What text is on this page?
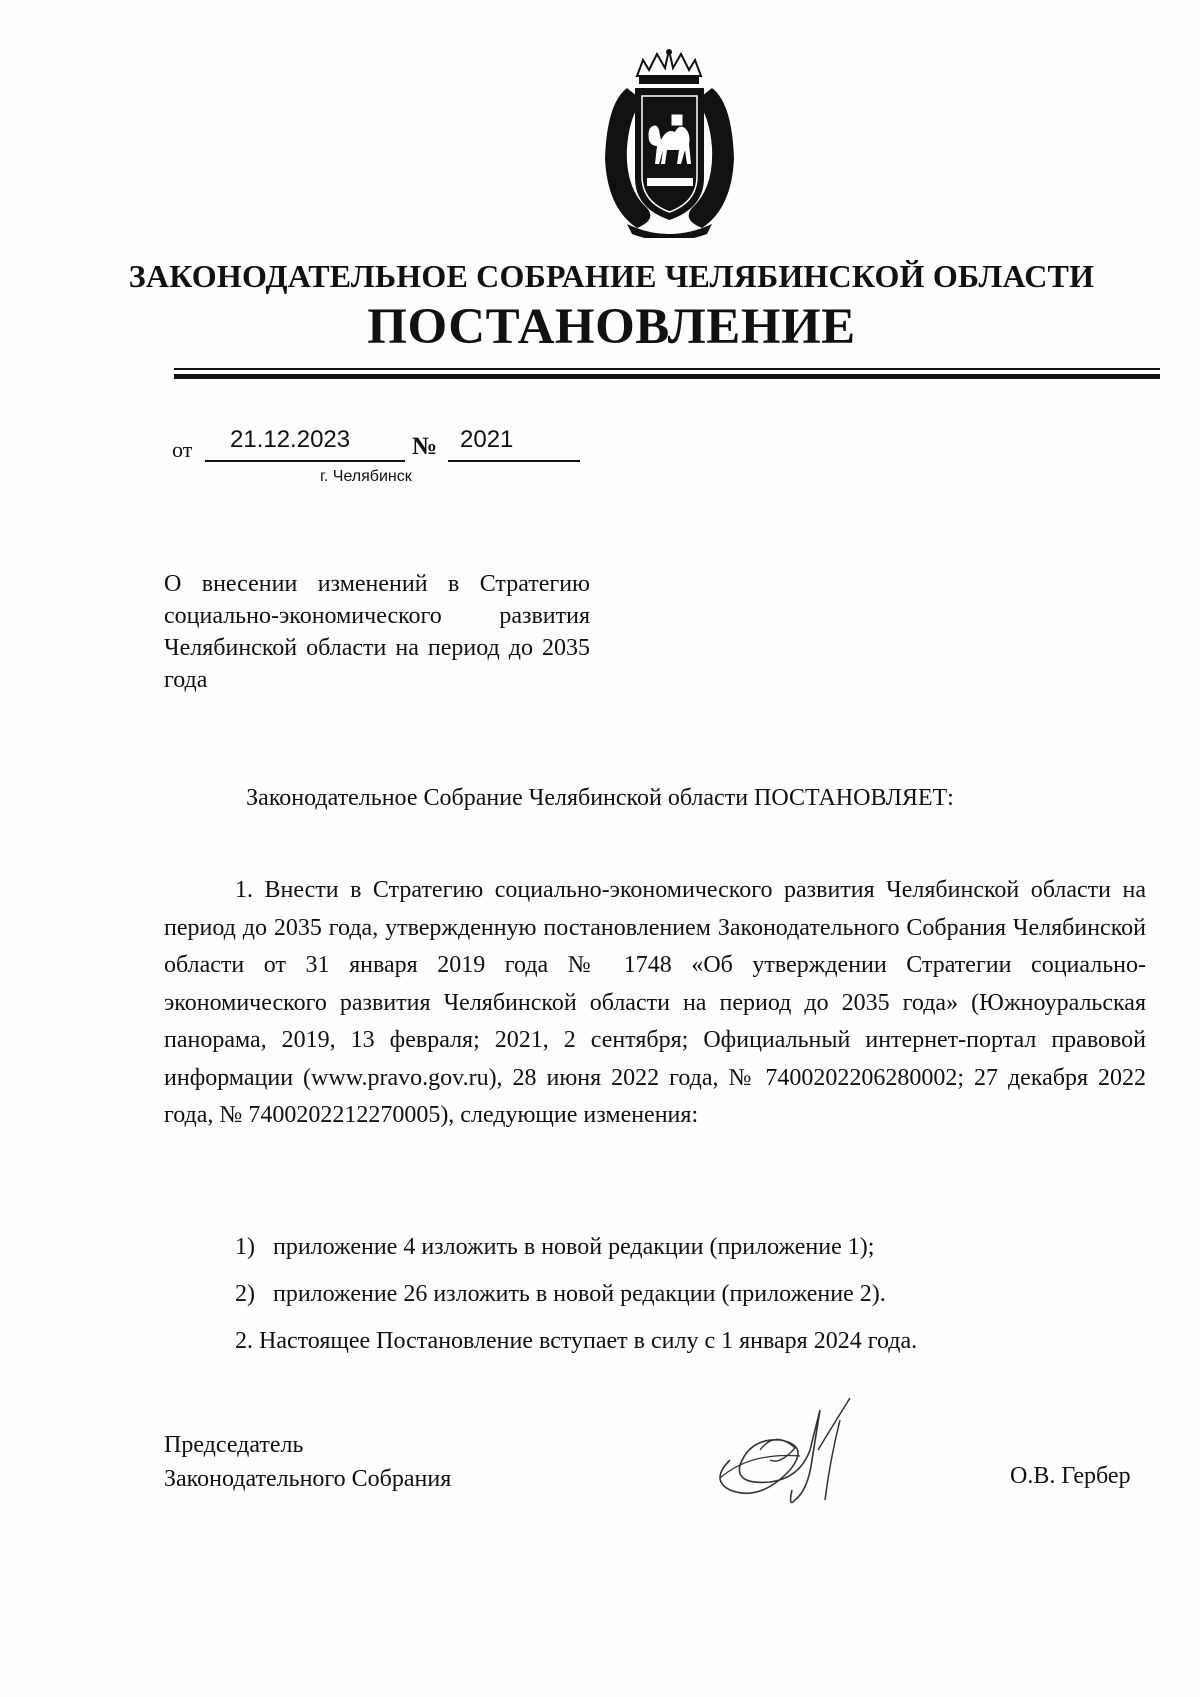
ЗАКОНОДАТЕЛЬНОЕ СОБРАНИЕ ЧЕЛЯБИНСКОЙ ОБЛАСТИ
ПОСТАНОВЛЕНИЕ
от 21.12.2023 № 2021
г. Челябинск
О внесении изменений в Стратегию социально-экономического развития Челябинской области на период до 2035 года
Законодательное Собрание Челябинской области ПОСТАНОВЛЯЕТ:
1. Внести в Стратегию социально-экономического развития Челябинской области на период до 2035 года, утвержденную постановлением Законодательного Собрания Челябинской области от 31 января 2019 года № 1748 «Об утверждении Стратегии социально-экономического развития Челябинской области на период до 2035 года» (Южноуральская панорама, 2019, 13 февраля; 2021, 2 сентября; Официальный интернет-портал правовой информации (www.pravo.gov.ru), 28 июня 2022 года, № 7400202206280002; 27 декабря 2022 года, № 7400202212270005), следующие изменения:
1)   приложение 4 изложить в новой редакции (приложение 1);
2)   приложение 26 изложить в новой редакции (приложение 2).
2. Настоящее Постановление вступает в силу с 1 января 2024 года.
Председатель
Законодательного Собрания	О.В. Гербер
